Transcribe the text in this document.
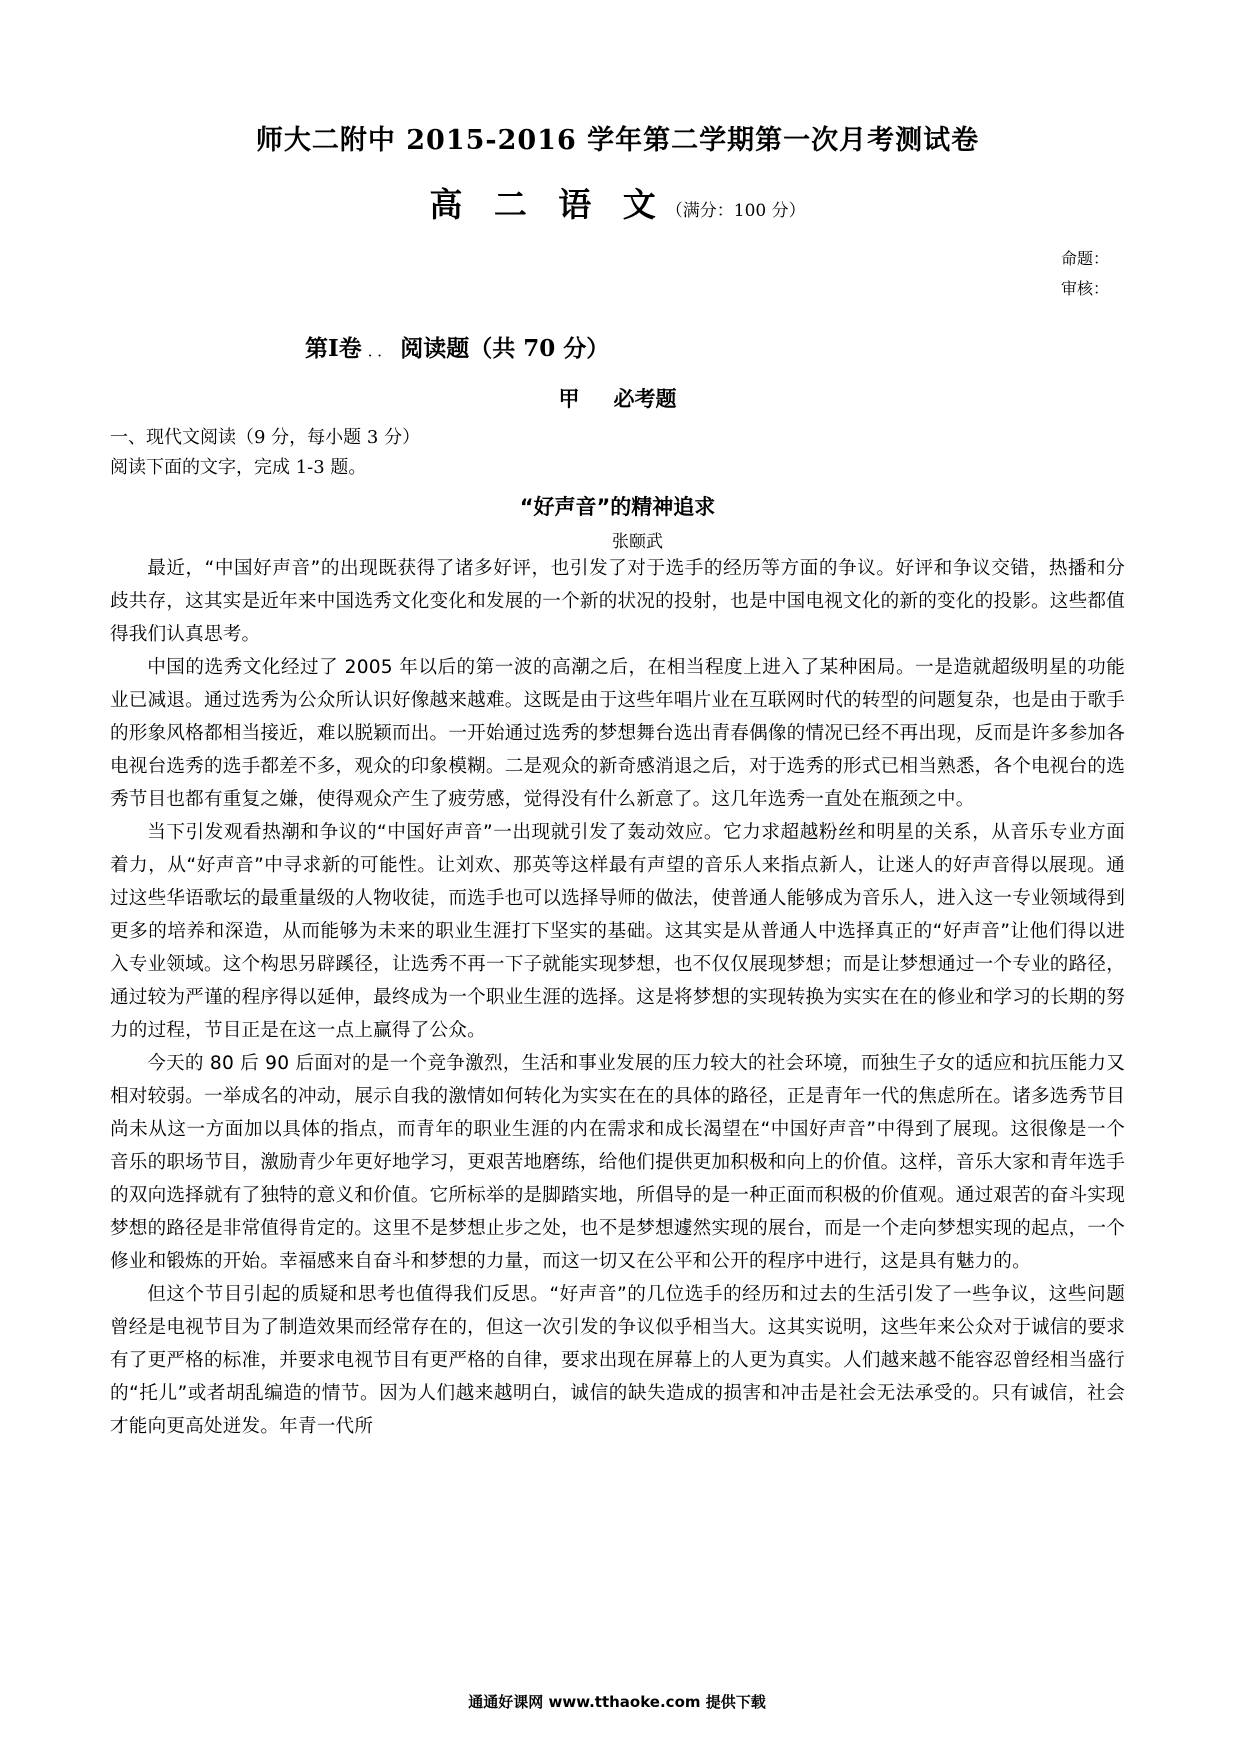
师大二附中 2015-2016 学年第二学期第一次月考测试卷
高 二 语 文（满分：100 分）
命题：
审核：
第Ⅰ卷 ．． 阅读题（共 70 分）
甲 必考题
一、现代文阅读（9 分，每小题 3 分）
阅读下面的文字，完成 1-3 题。
“好声音”的精神追求
张颐武

最近，“中国好声音”的出现既获得了诸多好评，也引发了对于选手的经历等方面的争议。好评和争议交错，热播和分歧共存，这其实是近年来中国选秀文化变化和发展的一个新的状况的投射，也是中国电视文化的新的变化的投影。这些都值得我们认真思考。

中国的选秀文化经过了 2005 年以后的第一波的高潮之后，在相当程度上进入了某种困局。一是造就超级明星的功能业已减退。通过选秀为公众所认识好像越来越难。这既是由于这些年唱片业在互联网时代的转型的问题复杂，也是由于歌手的形象风格都相当接近，难以脱颖而出。一开始通过选秀的梦想舞台选出青春偶像的情况已经不再出现，反而是许多参加各电视台选秀的选手都差不多，观众的印象模糊。二是观众的新奇感消退之后，对于选秀的形式已相当熟悉，各个电视台的选秀节目也都有重复之嫌，使得观众产生了疲劳感，觉得没有什么新意了。这几年选秀一直处在瓶颈之中。

当下引发观看热潮和争议的“中国好声音”一出现就引发了轰动效应。它力求超越粉丝和明星的关系，从音乐专业方面着力，从“好声音”中寻求新的可能性。让刘欢、那英等这样最有声望的音乐人来指点新人，让迷人的好声音得以展现。通过这些华语歌坛的最重量级的人物收徒，而选手也可以选择导师的做法，使普通人能够成为音乐人，进入这一专业领域得到更多的培养和深造，从而能够为未来的职业生涯打下坚实的基础。这其实是从普通人中选择真正的“好声音”让他们得以进入专业领域。这个构思另辟蹊径，让选秀不再一下子就能实现梦想，也不仅仅展现梦想；而是让梦想通过一个专业的路径，通过较为严谨的程序得以延伸，最终成为一个职业生涯的选择。这是将梦想的实现转换为实实在在的修业和学习的长期的努力的过程，节目正是在这一点上赢得了公众。

今天的 80 后 90 后面对的是一个竞争激烈，生活和事业发展的压力较大的社会环境，而独生子女的适应和抗压能力又相对较弱。一举成名的冲动，展示自我的激情如何转化为实实在在的具体的路径，正是青年一代的焦虑所在。诸多选秀节目尚未从这一方面加以具体的指点，而青年的职业生涯的内在需求和成长渴望在“中国好声音”中得到了展现。这很像是一个音乐的职场节目，激励青少年更好地学习，更艰苦地磨练，给他们提供更加积极和向上的价值。这样，音乐大家和青年选手的双向选择就有了独特的意义和价值。它所标举的是脚踏实地，所倡导的是一种正面而积极的价值观。通过艰苦的奋斗实现梦想的路径是非常值得肯定的。这里不是梦想止步之处，也不是梦想遽然实现的展台，而是一个走向梦想实现的起点，一个修业和锻炼的开始。幸福感来自奋斗和梦想的力量，而这一切又在公平和公开的程序中进行，这是具有魅力的。

但这个节目引起的质疑和思考也值得我们反思。“好声音”的几位选手的经历和过去的生活引发了一些争议，这些问题曾经是电视节目为了制造效果而经常存在的，但这一次引发的争议似乎相当大。这其实说明，这些年来公众对于诚信的要求有了更严格的标准，并要求电视节目有更严格的自律，要求出现在屏幕上的人更为真实。人们越来越不能容忍曾经相当盛行的“托儿”或者胡乱编造的情节。因为人们越来越明白，诚信的缺失造成的损害和冲击是社会无法承受的。只有诚信，社会才能向更高处迸发。年青一代所

通通好课网 www.tthaoke.com 提供下载
